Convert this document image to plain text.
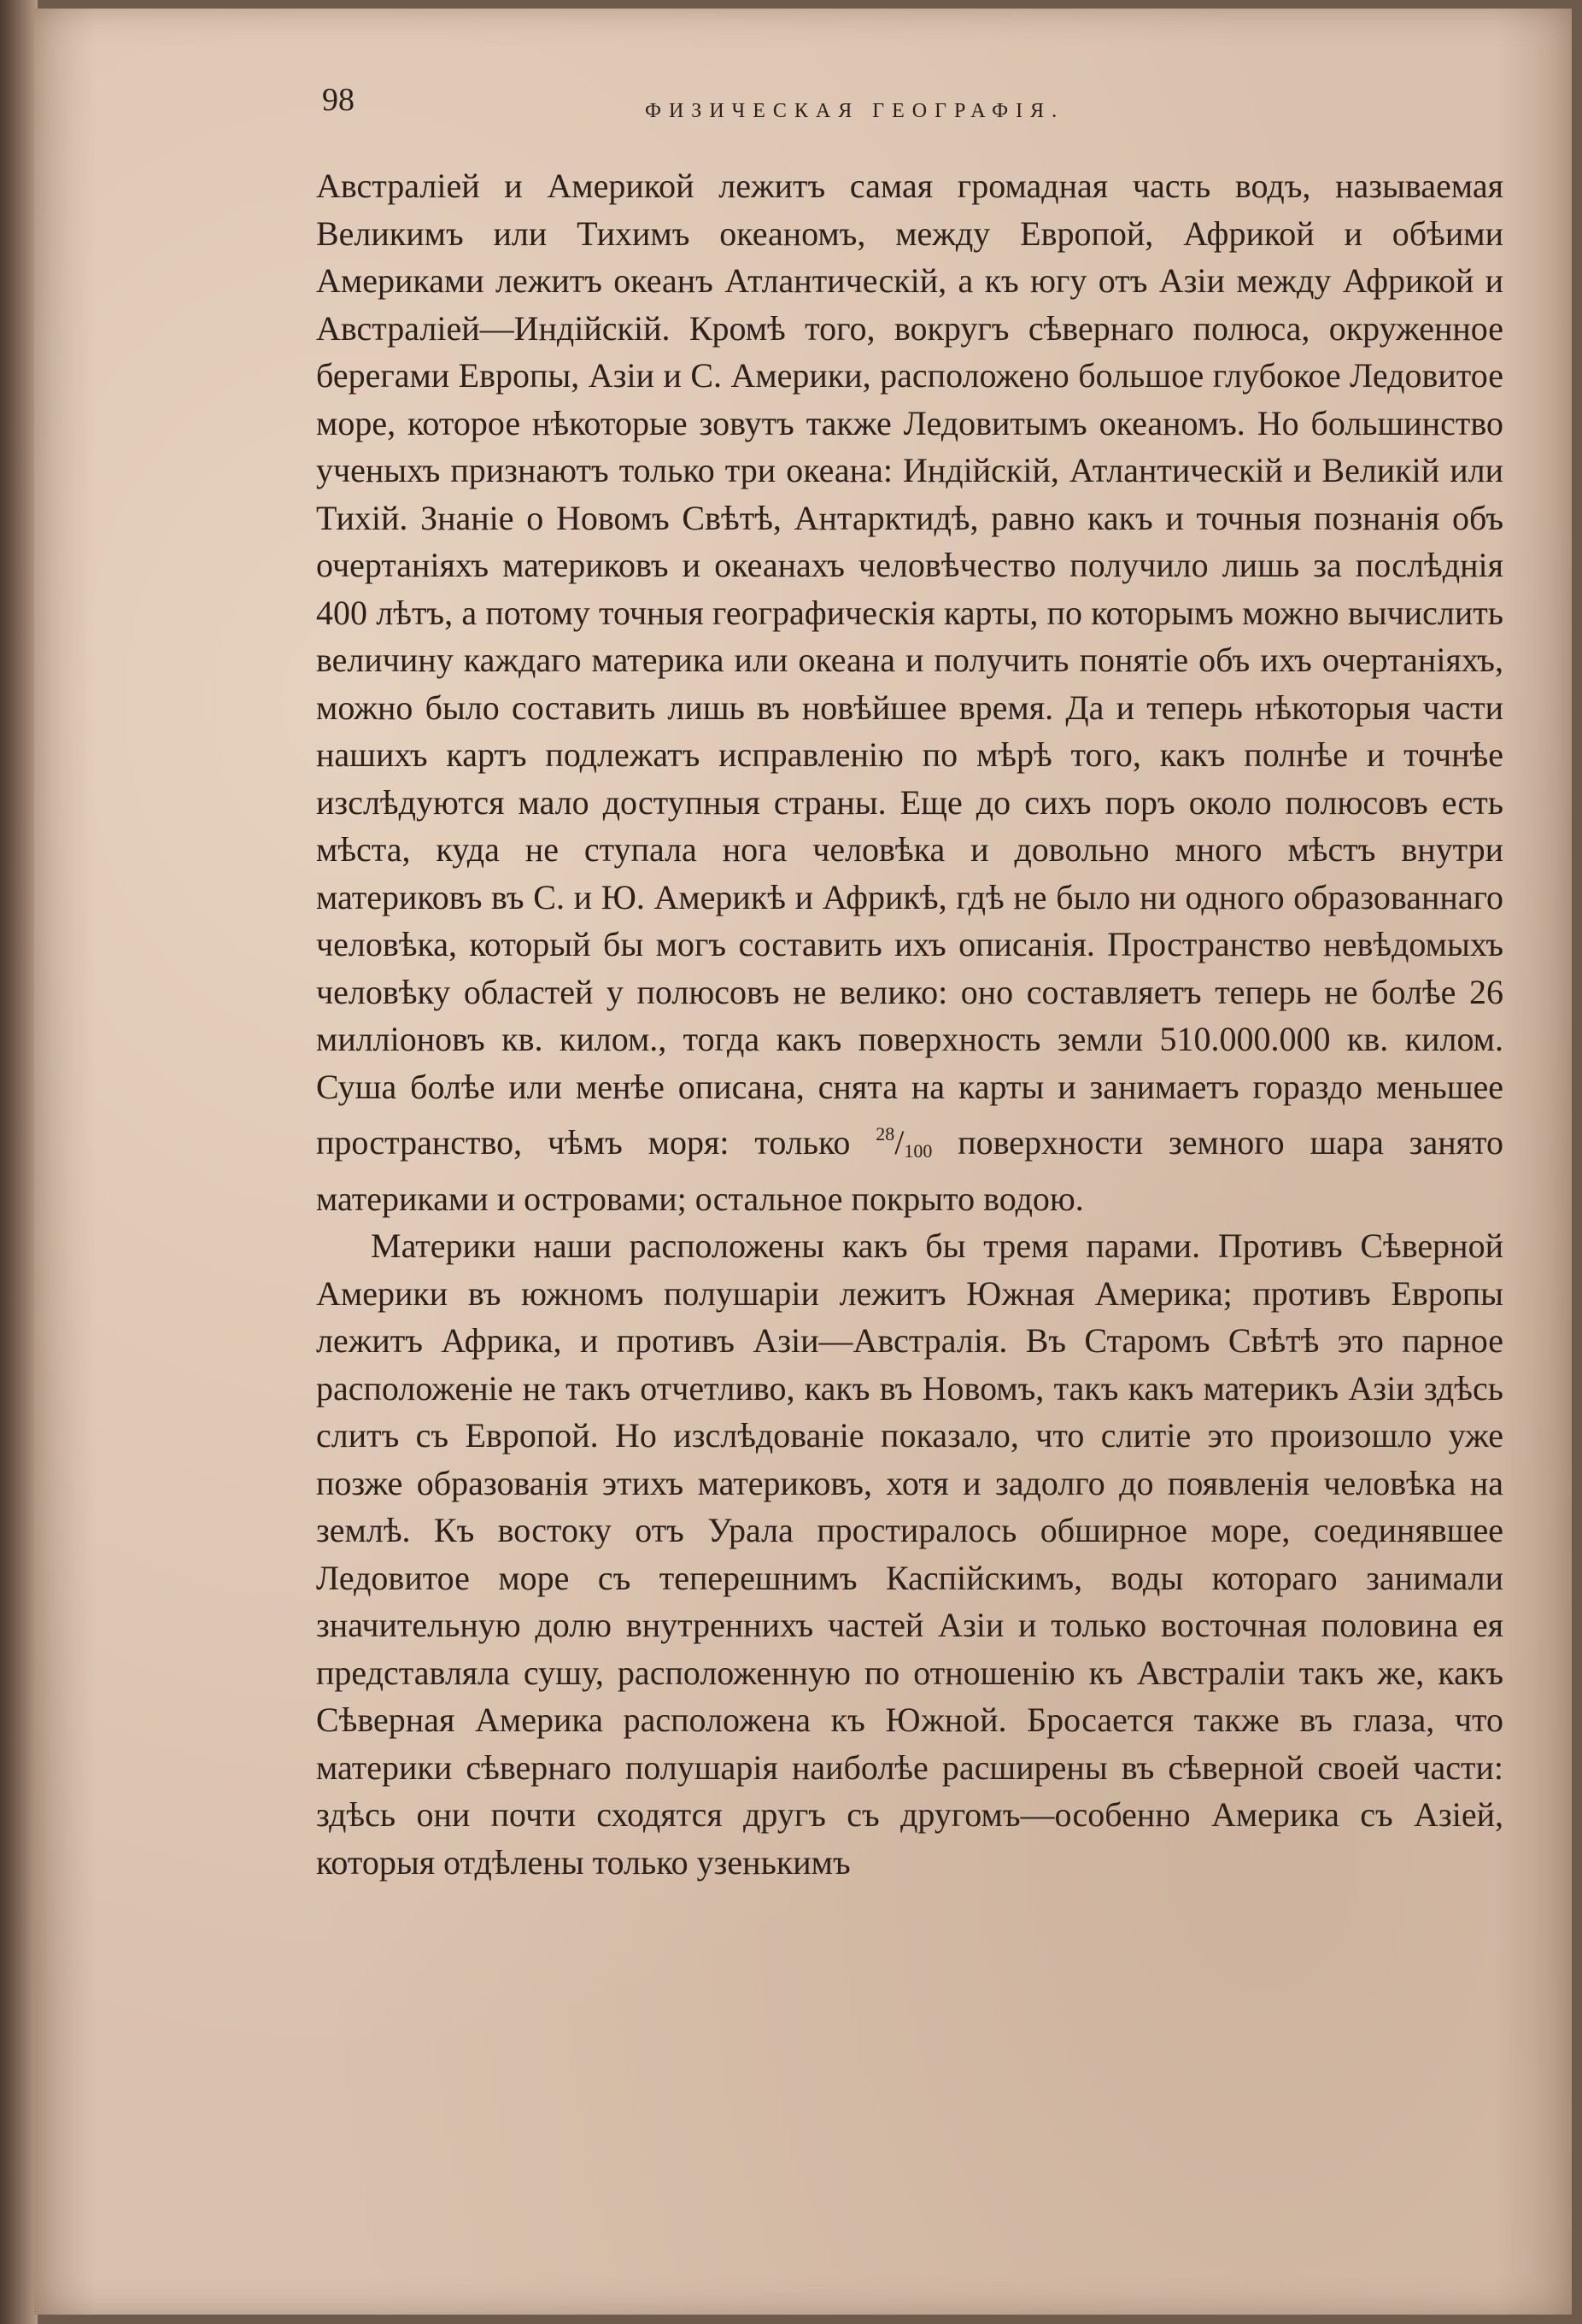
98	ФИЗИЧЕСКАЯ ГЕОГРАФІЯ.

Австраліей и Америкой лежитъ самая громадная часть водъ, называемая Великимъ или Тихимъ океаномъ, между Европой, Африкой и обѣими Америками лежитъ океанъ Атлантическій, а къ югу отъ Азіи между Африкой и Австраліей—Индійскій. Кромѣ того, вокругъ сѣвернаго полюса, окруженное берегами Европы, Азіи и С. Америки, расположено большое глубокое Ледовитое море, которое нѣкоторые зовутъ также Ледовитымъ океаномъ. Но большинство ученыхъ признаютъ только три океана: Индійскій, Атлантическій и Великій или Тихій. Знаніе о Новомъ Свѣтѣ, Антарктидѣ, равно какъ и точныя познанія объ очертаніяхъ материковъ и океанахъ человѣчество получило лишь за послѣднія 400 лѣтъ, а потому точныя географическія карты, по которымъ можно вычислить величину каждаго материка или океана и получить понятіе объ ихъ очертаніяхъ, можно было составить лишь въ новѣйшее время. Да и теперь нѣкоторыя части нашихъ картъ подлежатъ исправленію по мѣрѣ того, какъ полнѣе и точнѣе изслѣдуются мало доступныя страны. Еще до сихъ поръ около полюсовъ есть мѣста, куда не ступала нога человѣка и довольно много мѣстъ внутри материковъ въ С. и Ю. Америкѣ и Африкѣ, гдѣ не было ни одного образованнаго человѣка, который бы могъ составить ихъ описанія. Пространство невѣдомыхъ человѣку областей у полюсовъ не велико: оно составляетъ теперь не болѣе 26 милліоновъ кв. килом., тогда какъ поверхность земли 510.000.000 кв. килом. Суша болѣе или менѣе описана, снята на карты и занимаетъ гораздо меньшее пространство, чѣмъ моря: только $^{28}/_{100}$ поверхности земного шара занято материками и островами; остальное покрыто водою.

Материки наши расположены какъ бы тремя парами. Противъ Сѣверной Америки въ южномъ полушаріи лежитъ Южная Америка; противъ Европы лежитъ Африка, и противъ Азіи—Австралія. Въ Старомъ Свѣтѣ это парное расположеніе не такъ отчетливо, какъ въ Новомъ, такъ какъ материкъ Азіи здѣсь слитъ съ Европой. Но изслѣдованіе показало, что слитіе это произошло уже позже образованія этихъ материковъ, хотя и задолго до появленія человѣка на землѣ. Къ востоку отъ Урала простиралось обширное море, соединявшее Ледовитое море съ теперешнимъ Каспійскимъ, воды котораго занимали значительную долю внутреннихъ частей Азіи и только восточная половина ея представляла сушу, расположенную по отношенію къ Австраліи такъ же, какъ Сѣверная Америка расположена къ Южной. Бросается также въ глаза, что материки сѣвернаго полушарія наиболѣе расширены въ сѣверной своей части: здѣсь они почти сходятся другъ съ другомъ—особенно Америка съ Азіей, которыя отдѣлены только узенькимъ
